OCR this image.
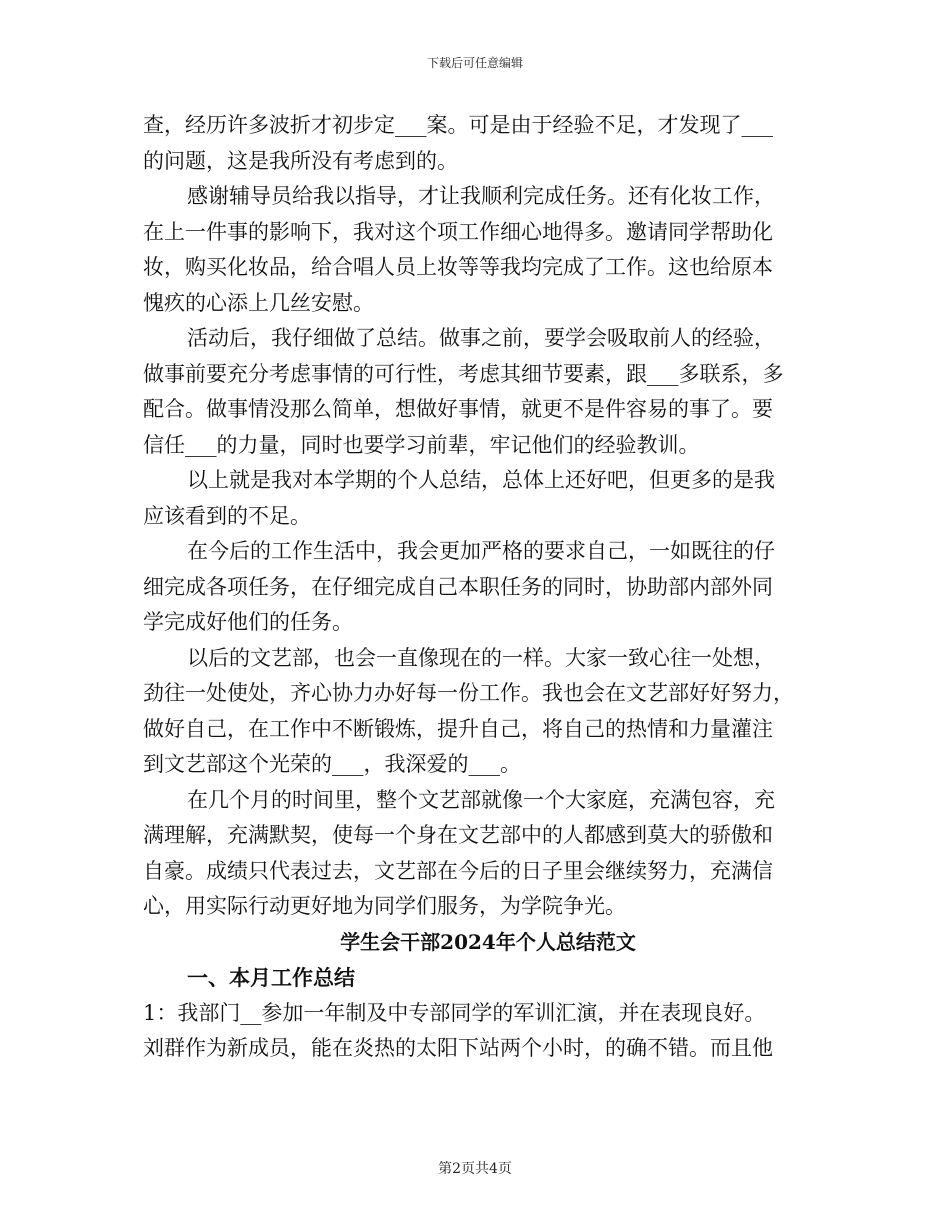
下载后可任意编辑
查，经历许多波折才初步定___案。可是由于经验不足，才发现了___
的问题，这是我所没有考虑到的。
感谢辅导员给我以指导，才让我顺利完成任务。还有化妆工作，
在上一件事的影响下，我对这个项工作细心地得多。邀请同学帮助化
妆，购买化妆品，给合唱人员上妆等等我均完成了工作。这也给原本
愧疚的心添上几丝安慰。
活动后，我仔细做了总结。做事之前，要学会吸取前人的经验，
做事前要充分考虑事情的可行性，考虑其细节要素，跟___多联系，多
配合。做事情没那么简单，想做好事情，就更不是件容易的事了。要
信任___的力量，同时也要学习前辈，牢记他们的经验教训。
以上就是我对本学期的个人总结，总体上还好吧，但更多的是我
应该看到的不足。
在今后的工作生活中，我会更加严格的要求自己，一如既往的仔
细完成各项任务，在仔细完成自己本职任务的同时，协助部内部外同
学完成好他们的任务。
以后的文艺部，也会一直像现在的一样。大家一致心往一处想，
劲往一处使处，齐心协力办好每一份工作。我也会在文艺部好好努力，
做好自己，在工作中不断锻炼，提升自己，将自己的热情和力量灌注
到文艺部这个光荣的___，我深爱的___。
在几个月的时间里，整个文艺部就像一个大家庭，充满包容，充
满理解，充满默契，使每一个身在文艺部中的人都感到莫大的骄傲和
自豪。成绩只代表过去，文艺部在今后的日子里会继续努力，充满信
心，用实际行动更好地为同学们服务，为学院争光。
学生会干部2024年个人总结范文
一、本月工作总结
1：我部门__参加一年制及中专部同学的军训汇演，并在表现良好。
刘群作为新成员，能在炎热的太阳下站两个小时，的确不错。而且他
第2页共4页
